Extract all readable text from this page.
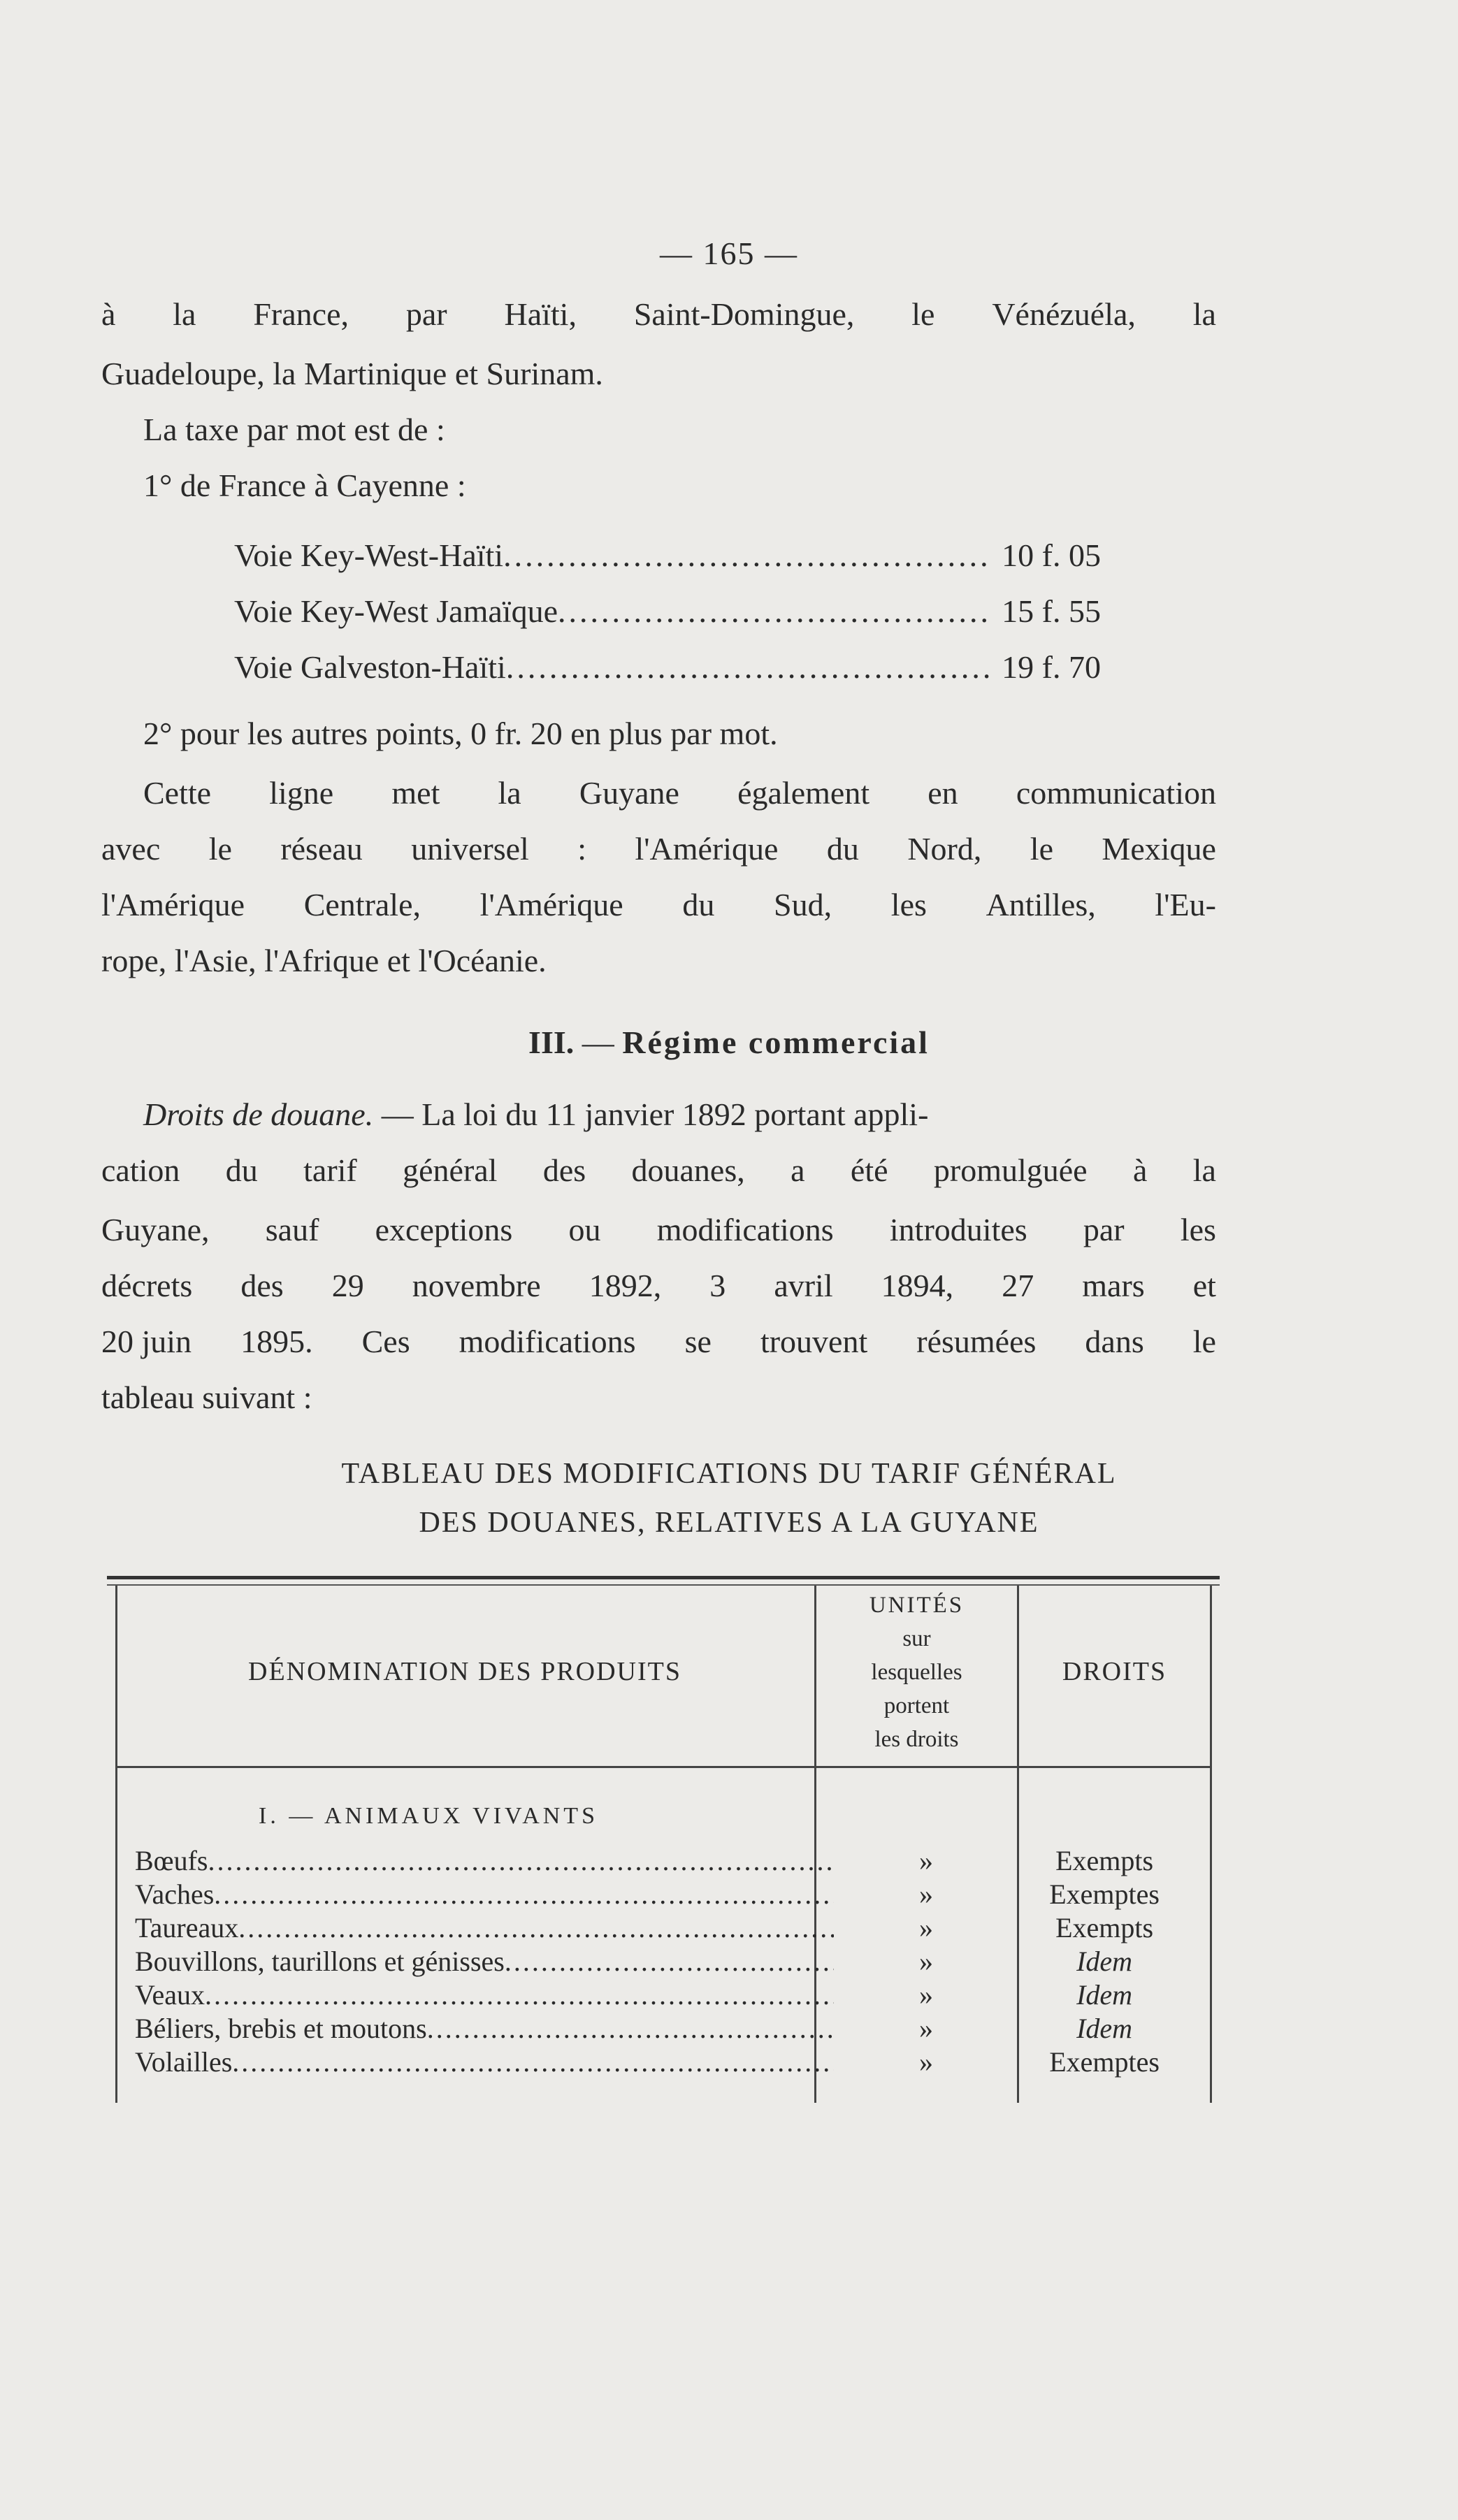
— 165 —
à la France, par Haïti, Saint-Domingue, le Vénézuéla, la
Guadeloupe, la Martinique et Surinam.
La taxe par mot est de :
1° de France à Cayenne :
Voie Key-West-Haïti .....	10 f. 05
Voie Key-West Jamaïque .....	15 f. 55
Voie Galveston-Haïti .....	19 f. 70
2° pour les autres points, 0 fr. 20 en plus par mot.
Cette ligne met la Guyane également en communication
avec le réseau universel : l'Amérique du Nord, le Mexique
l'Amérique Centrale, l'Amérique du Sud, les Antilles, l'Eu-
rope, l'Asie, l'Afrique et l'Océanie.
III. — Régime commercial
Droits de douane. — La loi du 11 janvier 1892 portant appli-
cation du tarif général des douanes, a été promulguée à la
Guyane, sauf exceptions ou modifications introduites par les
décrets des 29 novembre 1892, 3 avril 1894, 27 mars et
20 juin 1895. Ces modifications se trouvent résumées dans le
tableau suivant :
TABLEAU DES MODIFICATIONS DU TARIF GÉNÉRAL
DES DOUANES, RELATIVES A LA GUYANE
DÉNOMINATION DES PRODUITS
UNITÉS
sur
lesquelles
portent
les droits
DROITS
I. — ANIMAUX VIVANTS
Bœufs .....	»	Exempts
Vaches .....	»	Exemptes
Taureaux .....	»	Exempts
Bouvillons, taurillons et génisses .....	»	Idem
Veaux .....	»	Idem
Béliers, brebis et moutons .....	»	Idem
Volailles .....	»	Exemptes
